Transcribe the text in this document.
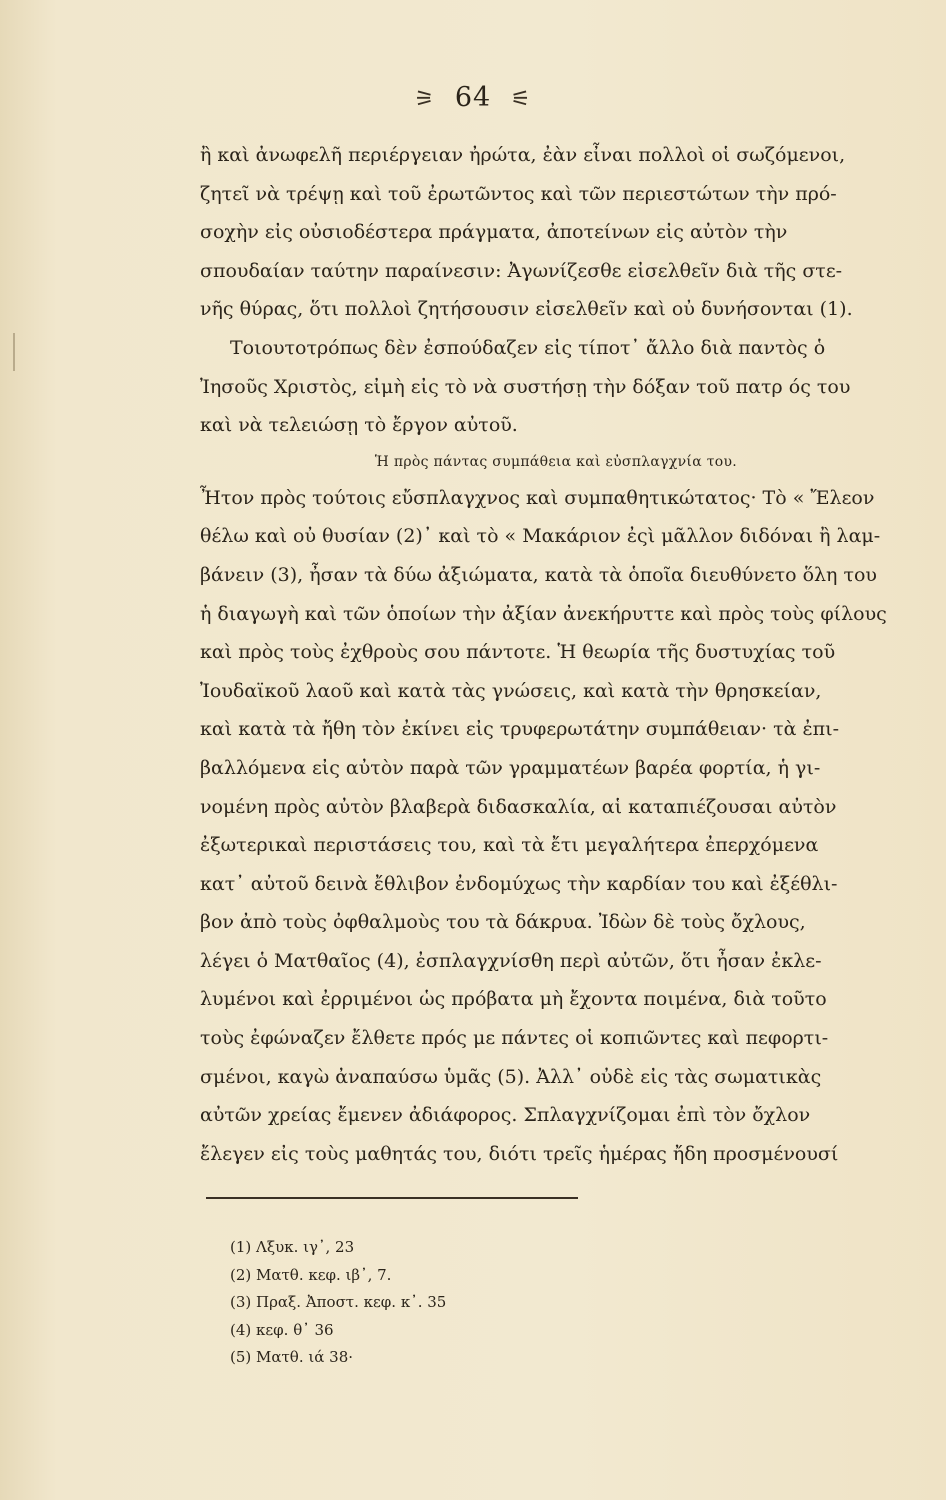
⚞ 64 ⚟
ἢ καὶ ἀνωφελῆ περιέργειαν ἠρώτα, ἐὰν εἶναι πολλοὶ οἱ σωζόμενοι,
ζητεῖ νὰ τρέψῃ καὶ τοῦ ἐρωτῶντος καὶ τῶν περιεστώτων τὴν πρό-
σοχὴν εἰς οὐσιοδέστερα πράγματα, ἀποτείνων εἰς αὐτὸν τὴν
σπουδαίαν ταύτην παραίνεσιν: Ἀγωνίζεσθε εἰσελθεῖν διὰ τῆς στε-
νῆς θύρας, ὅτι πολλοὶ ζητήσουσιν εἰσελθεῖν καὶ οὐ δυνήσονται (1).
Τοιουτοτρόπως δὲν ἐσπούδαζεν εἰς τίποτ᾽ ἄλλο διὰ παντὸς ὁ
Ἰησοῦς Χριστὸς, εἰμὴ εἰς τὸ νὰ συστήσῃ τὴν δόξαν τοῦ πατρ ός του
καὶ νὰ τελειώσῃ τὸ ἔργον αὐτοῦ.
Ἡ πρὸς πάντας συμπάθεια καὶ εὐσπλαγχνία του.
Ἦτον πρὸς τούτοις εὔσπλαγχνος καὶ συμπαθητικώτατος· Τὸ « Ἔλεον
θέλω καὶ οὐ θυσίαν (2)᾽ καὶ τὸ « Μακάριον ἐςὶ μᾶλλον διδόναι ἢ λαμ-
βάνειν (3), ἦσαν τὰ δύω ἀξιώματα, κατὰ τὰ ὁποῖα διευθύνετο ὅλη του
ἡ διαγωγὴ καὶ τῶν ὁποίων τὴν ἀξίαν ἀνεκήρυττε καὶ πρὸς τοὺς φίλους
καὶ πρὸς τοὺς ἐχθροὺς σου πάντοτε. Ἡ θεωρία τῆς δυστυχίας τοῦ
Ἰουδαϊκοῦ λαοῦ καὶ κατὰ τὰς γνώσεις, καὶ κατὰ τὴν θρησκείαν,
καὶ κατὰ τὰ ἤθη τὸν ἐκίνει εἰς τρυφερωτάτην συμπάθειαν· τὰ ἐπι-
βαλλόμενα εἰς αὐτὸν παρὰ τῶν γραμματέων βαρέα φορτία, ἡ γι-
νομένη πρὸς αὐτὸν βλαβερὰ διδασκαλία, αἱ καταπιέζουσαι αὐτὸν
ἐξωτερικαὶ περιστάσεις του, καὶ τὰ ἔτι μεγαλήτερα ἐπερχόμενα
κατ᾽ αὐτοῦ δεινὰ ἔθλιβον ἐνδομύχως τὴν καρδίαν του καὶ ἐξέθλι-
βον ἀπὸ τοὺς ὀφθαλμοὺς του τὰ δάκρυα. Ἰδὼν δὲ τοὺς ὄχλους,
λέγει ὁ Ματθαῖος (4), ἐσπλαγχνίσθη περὶ αὐτῶν, ὅτι ἦσαν ἐκλε-
λυμένοι καὶ ἐρριμένοι ὡς πρόβατα μὴ ἔχοντα ποιμένα, διὰ τοῦτο
τοὺς ἐφώναζεν ἔλθετε πρός με πάντες οἱ κοπιῶντες καὶ πεφορτι-
σμένοι, καγὼ ἀναπαύσω ὑμᾶς (5). Ἀλλ᾽ οὐδὲ εἰς τὰς σωματικὰς
αὐτῶν χρείας ἔμενεν ἀδιάφορος. Σπλαγχνίζομαι ἐπὶ τὸν ὄχλον
ἔλεγεν εἰς τοὺς μαθητάς του, διότι τρεῖς ἡμέρας ἤδη προσμένουσί
(1) Λξυκ. ιγ᾽, 23
(2) Ματθ. κεφ. ιβ᾽, 7.
(3) Πραξ. Ἀποστ. κεφ. κ᾽. 35
(4) κεφ. θ᾽ 36
(5) Ματθ. ιά 38·
